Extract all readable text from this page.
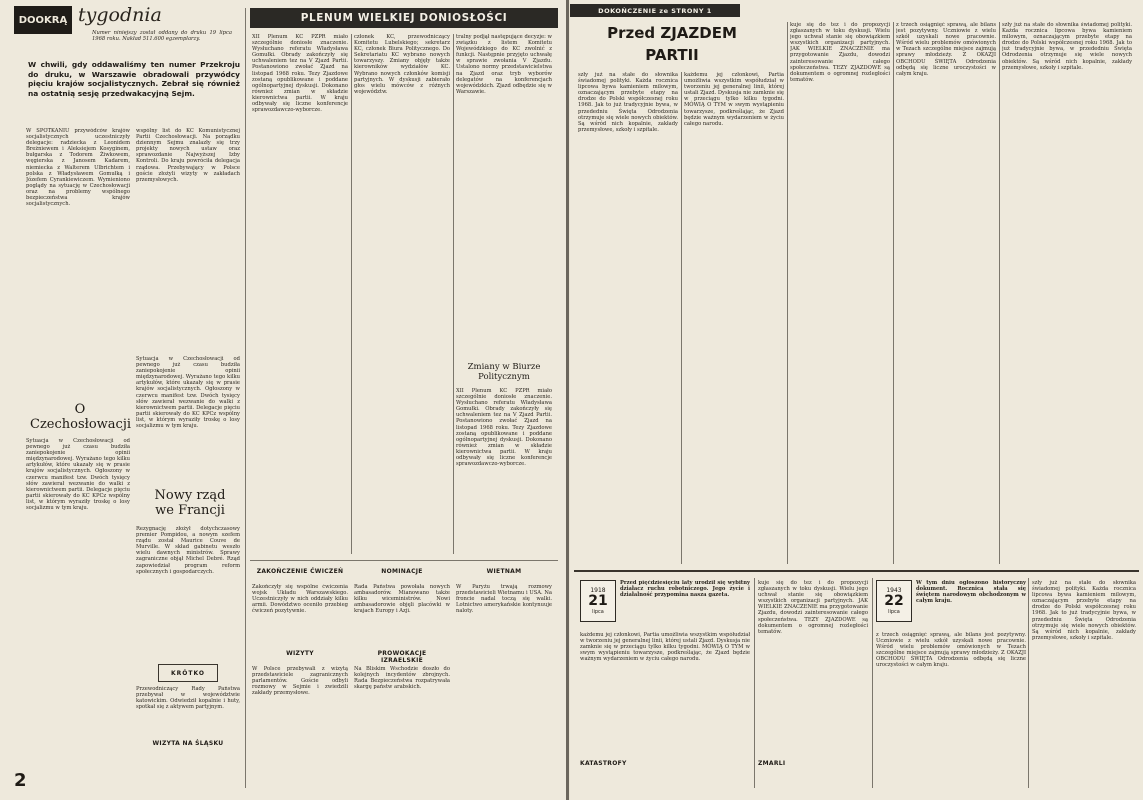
DOOKRĄ tygodnia
Numer niniejszy został oddany do druku 19 lipca 1968 roku. Nakład 511.600 egzemplarzy.
W chwili, gdy oddawaliśmy ten numer Przekroju do druku, w Warszawie obradowali przywódcy pięciu krajów socjalistycznych. Zebrał się również na ostatnią sesję przedwakacyjną Sejm.
W SPOTKANIU przywódców krajów socjalistycznych uczestniczyły delegacje: radziecka z Leonidem Breżniewem i Aleksiejem Kosyginem, bułgarska z Todorem Żiwkowem, węgierska z Janosem Kadarem, niemiecka z Walterem Ulbrichtem i polska z Władysławem Gomułką i Józefem Cyrankiewiczem. Wymieniono poglądy na sytuację w Czechosłowacji oraz na problemy wspólnego bezpieczeństwa krajów socjalistycznych.
wspólny list do KC Komunistycznej Partii Czechosłowacji. Na porządku dziennym Sejmu znalazły się trzy projekty nowych ustaw oraz sprawozdanie Najwyższej Izby Kontroli. Do kraju powróciła delegacja rządowa. Przebywający w Polsce goście złożyli wizyty w zakładach przemysłowych.
O Czechosłowacji
Sytuacja w Czechosłowacji od pewnego już czasu budziła zaniepokojenie opinii międzynarodowej. Wyrażano tego kilku artykułów, które ukazały się w prasie krajów socjalistycznych. Ogłoszony w czerwcu manifest tzw. Dwóch tysięcy słów zawierał wezwanie do walki z kierownictwem partii. Delegacje pięciu partii skierowały do KC KPCz wspólny list, w którym wyraziły troskę o losy socjalizmu w tym kraju.
Sytuacja w Czechosłowacji od pewnego już czasu budziła zaniepokojenie opinii międzynarodowej. Wyrażano tego kilku artykułów, które ukazały się w prasie krajów socjalistycznych. Ogłoszony w czerwcu manifest tzw. Dwóch tysięcy słów zawierał wezwanie do walki z kierownictwem partii. Delegacje pięciu partii skierowały do KC KPCz wspólny list, w którym wyraziły troskę o losy socjalizmu w tym kraju.
Nowy rząd we Francji
Rezygnację złożył dotychczasowy premier Pompidou, a nowym szefem rządu został Maurice Couve de Murville. W skład gabinetu weszło wielu dawnych ministrów. Sprawy zagraniczne objął Michel Debré. Rząd zapowiedział program reform społecznych i gospodarczych.
KRÓTKO
Przewodniczący Rady Państwa przebywał w województwie katowickim. Odwiedził kopalnie i huty, spotkał się z aktywem partyjnym.
PLENUM WIELKIEJ DONIOSŁOŚCI
XII Plenum KC PZPR miało szczególnie doniosłe znaczenie. Wysłuchano referatu Władysława Gomułki. Obrady zakończyły się uchwaleniem tez na V Zjazd Partii. Postanowiono zwołać Zjazd na listopad 1968 roku. Tezy Zjazdowe zostaną opublikowane i poddane ogólnopartyjnej dyskusji. Dokonano również zmian w składzie kierownictwa partii. W kraju odbywały się liczne konferencje sprawozdawczo-wyborcze.
członek KC, przewodniczący Komitetu Lubelskiego; sekretarz KC, członek Biura Politycznego. Do Sekretariatu KC wybrano nowych towarzyszy. Zmiany objęły także kierowników wydziałów KC. Wybrano nowych członków komisji partyjnych. W dyskusji zabierało głos wielu mówców z różnych województw.
tralny podjął następujące decyzje: w związku z listem Komitetu Wojewódzkiego do KC zwolnić z funkcji. Następnie przyjęto uchwałę w sprawie zwołania V Zjazdu. Ustalono normy przedstawicielstwa na Zjazd oraz tryb wyborów delegatów na konferencjach wojewódzkich. Zjazd odbędzie się w Warszawie.
Zmiany w Biurze Politycznym
XII Plenum KC PZPR miało szczególnie doniosłe znaczenie. Wysłuchano referatu Władysława Gomułki. Obrady zakończyły się uchwaleniem tez na V Zjazd Partii. Postanowiono zwołać Zjazd na listopad 1968 roku. Tezy Zjazdowe zostaną opublikowane i poddane ogólnopartyjnej dyskusji. Dokonano również zmian w składzie kierownictwa partii. W kraju odbywały się liczne konferencje sprawozdawczo-wyborcze.
ZAKOŃCZENIE ĆWICZEŃ
Zakończyły się wspólne ćwiczenia wojsk Układu Warszawskiego. Uczestniczyły w nich oddziały kilku armii. Dowództwo oceniło przebieg ćwiczeń pozytywnie.
NOMINACJE
Rada Państwa powołała nowych ambasadorów. Mianowano także kilku wiceministrów. Nowi ambasadorowie objęli placówki w krajach Europy i Azji.
WIZYTY
W Polsce przebywali z wizytą przedstawiciele zagranicznych parlamentów. Goście odbyli rozmowy w Sejmie i zwiedzili zakłady przemysłowe.
PROWOKACJE IZRAELSKIE
Na Bliskim Wschodzie doszło do kolejnych incydentów zbrojnych. Rada Bezpieczeństwa rozpatrywała skargę państw arabskich.
WIZYTA NA ŚLĄSKU
WIETNAM
W Paryżu trwają rozmowy przedstawicieli Wietnamu i USA. Na froncie nadal toczą się walki. Lotnictwo amerykańskie kontynuuje naloty.
2
DOKOŃCZENIE ze STRONY 1
Przed ZJAZDEM PARTII
szły już na stałe do słownika świadomej polityki. Każda rocznica lipcowa bywa kamieniem milowym, oznaczającym przebyte etapy na drodze do Polski współczesnej roku 1968. Jak to już tradycyjnie bywa, w przededniu Święta Odrodzenia otrzymuje się wiele nowych obiektów. Są wśród nich kopalnie, zakłady przemysłowe, szkoły i szpitale.
każdemu jej członkowi, Partia umożliwia wszystkim współudział w tworzeniu jej generalnej linii, której ustali Zjazd. Dyskusja nie zamknie się w przeciągu tylko kilku tygodni. MÓWIĄ O TYM w swym wystąpieniu towarzysze, podkreślając, że Zjazd będzie ważnym wydarzeniem w życiu całego narodu.
kuje się do tez i do propozycji zgłaszanych w toku dyskusji. Wielu jego uchwał stanie się obowiązkiem wszystkich organizacji partyjnych. JAK WIELKIE ZNACZENIE ma przygotowanie Zjazdu, dowodzi zainteresowanie całego społeczeństwa. TEZY ZJAZDOWE są dokumentem o ogromnej rozległości tematów.
z trzech osiągnięć sprawą, ale bilans jest pozytywny. Uczniowie z wielu szkół uzyskali nowe pracownie. Wśród wielu problemów omówionych w Tezach szczególne miejsce zajmują sprawy młodzieży. Z OKAZJI OBCHODU ŚWIĘTA Odrodzenia odbędą się liczne uroczystości w całym kraju.
szły już na stałe do słownika świadomej polityki. Każda rocznica lipcowa bywa kamieniem milowym, oznaczającym przebyte etapy na drodze do Polski współczesnej roku 1968. Jak to już tradycyjnie bywa, w przededniu Święta Odrodzenia otrzymuje się wiele nowych obiektów. Są wśród nich kopalnie, zakłady przemysłowe, szkoły i szpitale.
1918
21
lipca
Przed pięćdziesięciu laty urodził się wybitny działacz ruchu robotniczego. Jego życie i działalność przypomina nasza gazeta.
każdemu jej członkowi, Partia umożliwia wszystkim współudział w tworzeniu jej generalnej linii, której ustali Zjazd. Dyskusja nie zamknie się w przeciągu tylko kilku tygodni. MÓWIĄ O TYM w swym wystąpieniu towarzysze, podkreślając, że Zjazd będzie ważnym wydarzeniem w życiu całego narodu.
1943
22
lipca
W tym dniu ogłoszono historyczny dokument. Rocznica stała się świętem narodowym obchodzonym w całym kraju.
kuje się do tez i do propozycji zgłaszanych w toku dyskusji. Wielu jego uchwał stanie się obowiązkiem wszystkich organizacji partyjnych. JAK WIELKIE ZNACZENIE ma przygotowanie Zjazdu, dowodzi zainteresowanie całego społeczeństwa. TEZY ZJAZDOWE są dokumentem o ogromnej rozległości tematów.
z trzech osiągnięć sprawą, ale bilans jest pozytywny. Uczniowie z wielu szkół uzyskali nowe pracownie. Wśród wielu problemów omówionych w Tezach szczególne miejsce zajmują sprawy młodzieży. Z OKAZJI OBCHODU ŚWIĘTA Odrodzenia odbędą się liczne uroczystości w całym kraju.
szły już na stałe do słownika świadomej polityki. Każda rocznica lipcowa bywa kamieniem milowym, oznaczającym przebyte etapy na drodze do Polski współczesnej roku 1968. Jak to już tradycyjnie bywa, w przededniu Święta Odrodzenia otrzymuje się wiele nowych obiektów. Są wśród nich kopalnie, zakłady przemysłowe, szkoły i szpitale.
KATASTROFY	ZMARLI
